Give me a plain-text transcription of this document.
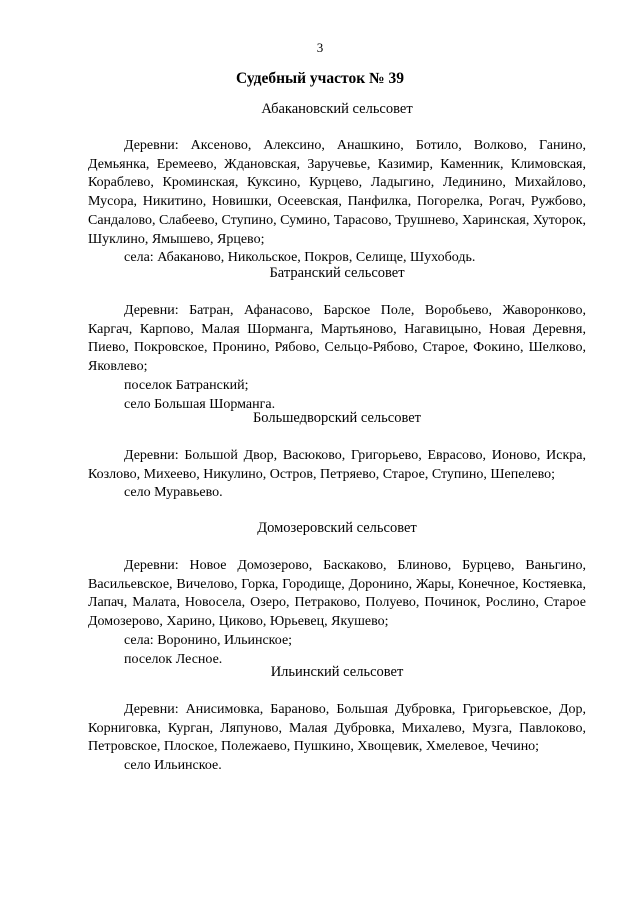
3
Судебный участок № 39
Абакановский сельсовет

Деревни: Аксеново, Алексино, Анашкино, Ботило, Волково, Ганино, Демьянка, Еремеево, Ждановская, Заручевье, Казимир, Каменник, Климовская, Кораблево, Кроминская, Куксино, Курцево, Ладыгино, Лединино, Михайлово, Мусора, Никитино, Новишки, Осеевская, Панфилка, Погорелка, Рогач, Ружбово, Сандалово, Слабеево, Ступино, Сумино, Тарасово, Трушнево, Харинская, Хуторок, Шуклино, Ямышево, Ярцево;

села: Абаканово, Никольское, Покров, Селище, Шухободь.

Батранский сельсовет

Деревни: Батран, Афанасово, Барское Поле, Воробьево, Жаворонково, Каргач, Карпово, Малая Шорманга, Мартьяново, Нагавицыно, Новая Деревня, Пиево, Покровское, Пронино, Рябово, Сельцо-Рябово, Старое, Фокино, Шелково, Яковлево;

поселок Батранский;

село Большая Шорманга.

Большедворский сельсовет

Деревни: Большой Двор, Васюково, Григорьево, Еврасово, Ионово, Искра, Козлово, Михеево, Никулино, Остров, Петряево, Старое, Ступино, Шепелево;

село Муравьево.

Домозеровский сельсовет

Деревни: Новое Домозерово, Баскаково, Блиново, Бурцево, Ваньгино, Васильевское, Вичелово, Горка, Городище, Доронино, Жары, Конечное, Костяевка, Лапач, Малата, Новосела, Озеро, Петраково, Полуево, Починок, Рослино, Старое Домозерово, Харино, Циково, Юрьевец, Якушево;

села: Воронино, Ильинское;

поселок Лесное.

Ильинский сельсовет

Деревни: Анисимовка, Бараново, Большая Дубровка, Григорьевское, Дор, Корниговка, Курган, Ляпуново, Малая Дубровка, Михалево, Музга, Павлоково, Петровское, Плоское, Полежаево, Пушкино, Хвощевик, Хмелевое, Чечино;

село Ильинское.
